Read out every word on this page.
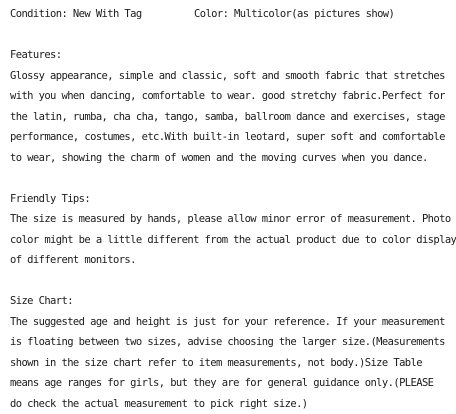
Condition: New With Tag	Color: Multicolor(as pictures show)
Features:
Glossy appearance, simple and classic, soft and smooth fabric that stretches
with you when dancing, comfortable to wear. good stretchy fabric.Perfect for
the latin, rumba, cha cha, tango, samba, ballroom dance and exercises, stage
performance, costumes, etc.With built-in leotard, super soft and comfortable
to wear, showing the charm of women and the moving curves when you dance.
Friendly Tips:
The size is measured by hands, please allow minor error of measurement. Photo
color might be a little different from the actual product due to color display
of different monitors.
Size Chart:
The suggested age and height is just for your reference. If your measurement
is floating between two sizes, advise choosing the larger size.(Measurements
shown in the size chart refer to item measurements, not body.)Size Table
means age ranges for girls, but they are for general guidance only.(PLEASE
do check the actual measurement to pick right size.)
